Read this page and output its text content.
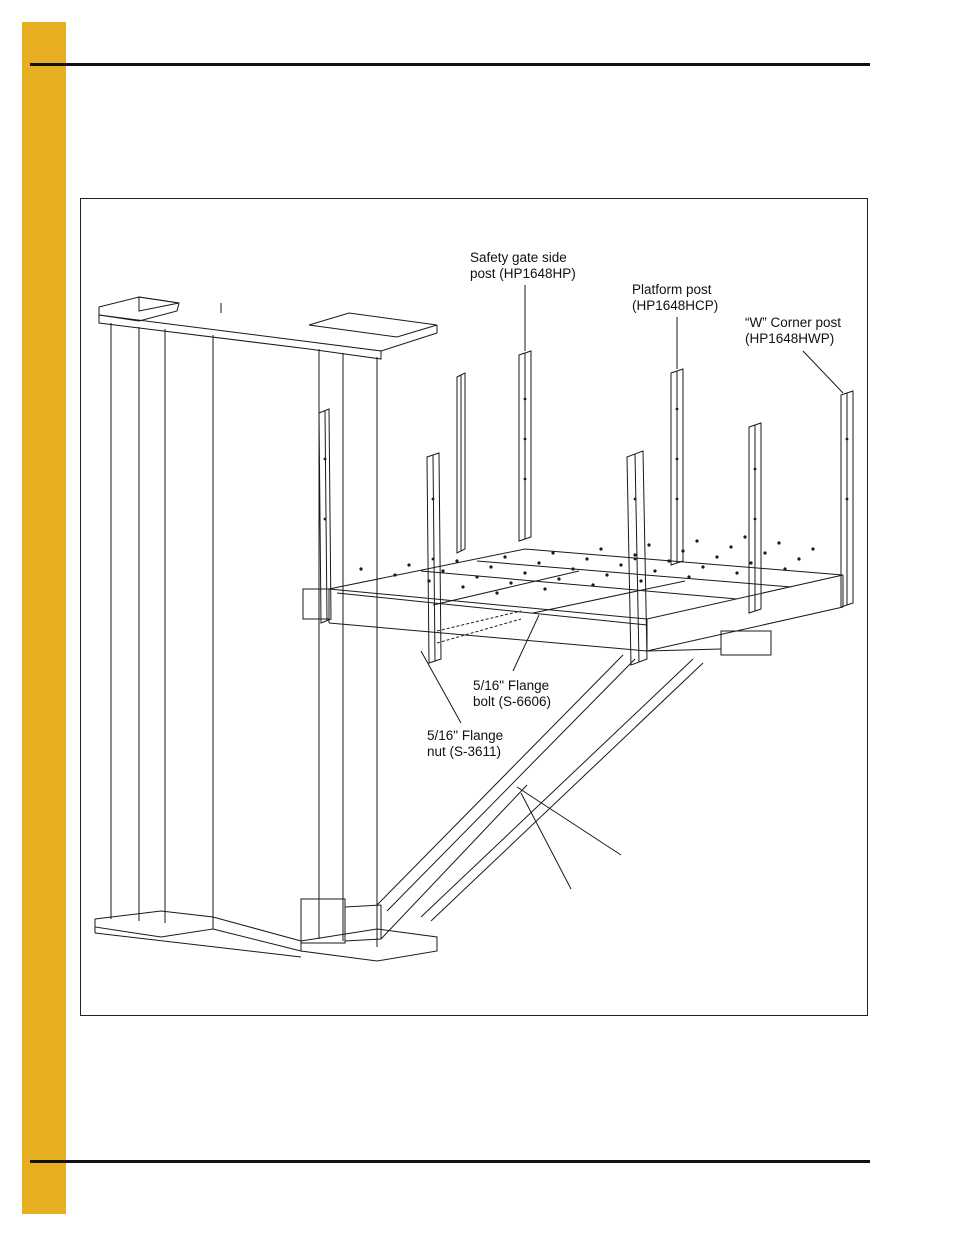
Safety gate side
post (HP1648HP)
Platform post
(HP1648HCP)
“W” Corner post
(HP1648HWP)
5/16" Flange
bolt (S-6606)
5/16" Flange
nut (S-3611)
